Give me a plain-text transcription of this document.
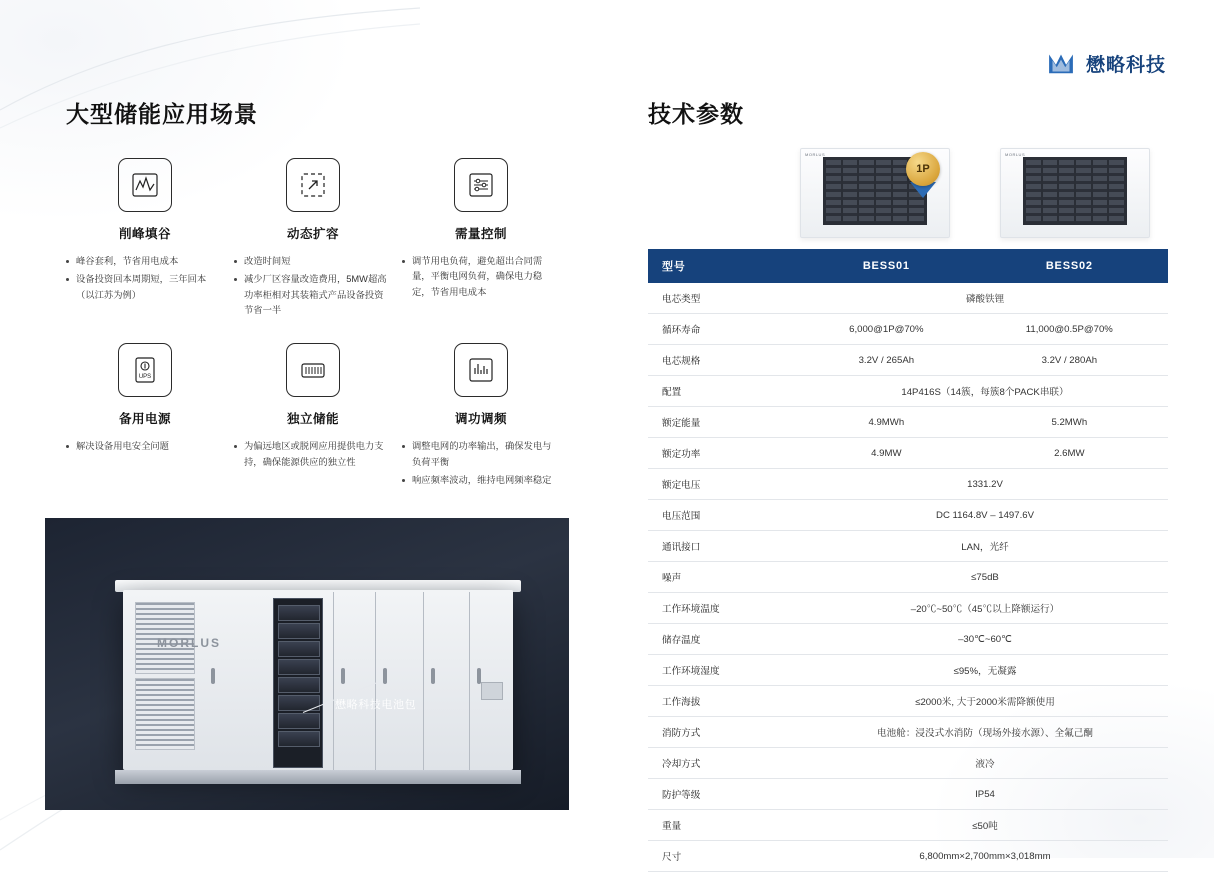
懋略科技
大型储能应用场景	技术参数
削峰填谷
峰谷套利，节省用电成本
设备投资回本周期短，三年回本（以江苏为例）
动态扩容
改造时间短
减少厂区容量改造费用，5MW超高功率柜相对其装箱式产品设备投资节省一半
需量控制
调节用电负荷，避免超出合同需量，平衡电网负荷，确保电力稳定，节省用电成本
UPS
备用电源
解决设备用电安全问题
独立储能
为偏远地区或脱网应用提供电力支持，确保能源供应的独立性
调功调频
调整电网的功率输出，确保发电与负荷平衡
响应频率波动，维持电网频率稳定
MORLUS
懋略科技电池包
MORLUS
1P
MORLUS
型号	BESS01	BESS02
电芯类型	磷酸铁锂	
循环寿命	6,000@1P@70%	11,000@0.5P@70%
电芯规格	3.2V / 265Ah	3.2V / 280Ah
配置	14P416S（14簇，每簇8个PACK串联）	
额定能量	4.9MWh	5.2MWh
额定功率	4.9MW	2.6MW
额定电压	1331.2V	
电压范围	DC 1164.8V – 1497.6V	
通讯接口	LAN，光纤	
噪声	≤75dB	
工作环境温度	–20℃~50℃（45℃以上降额运行）	
储存温度	–30℃~60℃	
工作环境湿度	≤95%，无凝露	
工作海拔	≤2000米, 大于2000米需降额使用	
消防方式	电池舱：浸没式水消防（现场外接水源）、全氟己酮	
冷却方式	液冷	
防护等级	IP54	
重量	≤50吨	
尺寸	6,800mm×2,700mm×3,018mm	
